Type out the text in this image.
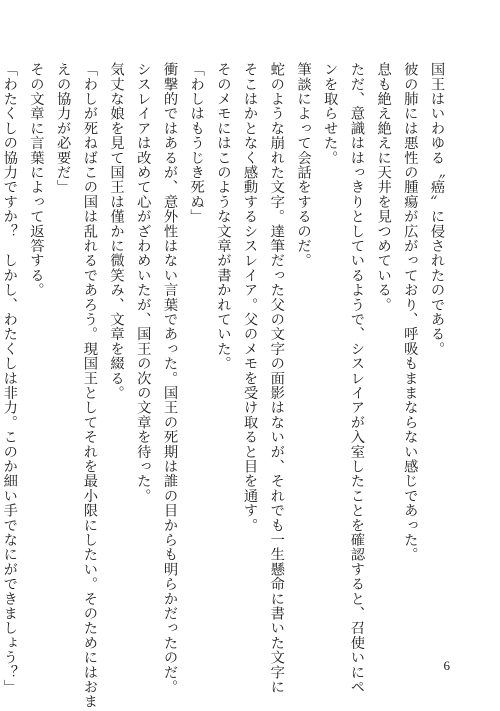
国王はいわゆる〝癌〟に侵されたのである。
彼の肺には悪性の腫瘍が広がっており、呼吸もままならない感じであった。
息も絶え絶えに天井を見つめている。
ただ、意識ははっきりとしているようで、シスレイアが入室したことを確認すると、召使いにペ
ンを取らせた。
筆談によって会話をするのだ。
蛇のような崩れた文字。達筆だった父の文字の面影はないが、それでも一生懸命に書いた文字に
そこはかとなく感動するシスレイア。父のメモを受け取ると目を通す。
そのメモにはこのような文章が書かれていた。
「わしはもうじき死ぬ」
衝撃的ではあるが、意外性はない言葉であった。国王の死期は誰の目からも明らかだったのだ。
シスレイアは改めて心がざわめいたが、国王の次の文章を待った。
気丈な娘を見て国王は僅かに微笑み、文章を綴る。
「わしが死ねばこの国は乱れるであろう。現国王としてそれを最小限にしたい。そのためにはおま
えの協力が必要だ」
その文章に言葉によって返答する。
「わたくしの協力ですか？　しかし、わたくしは非力。このか細い手でなにができましょう？」	6
